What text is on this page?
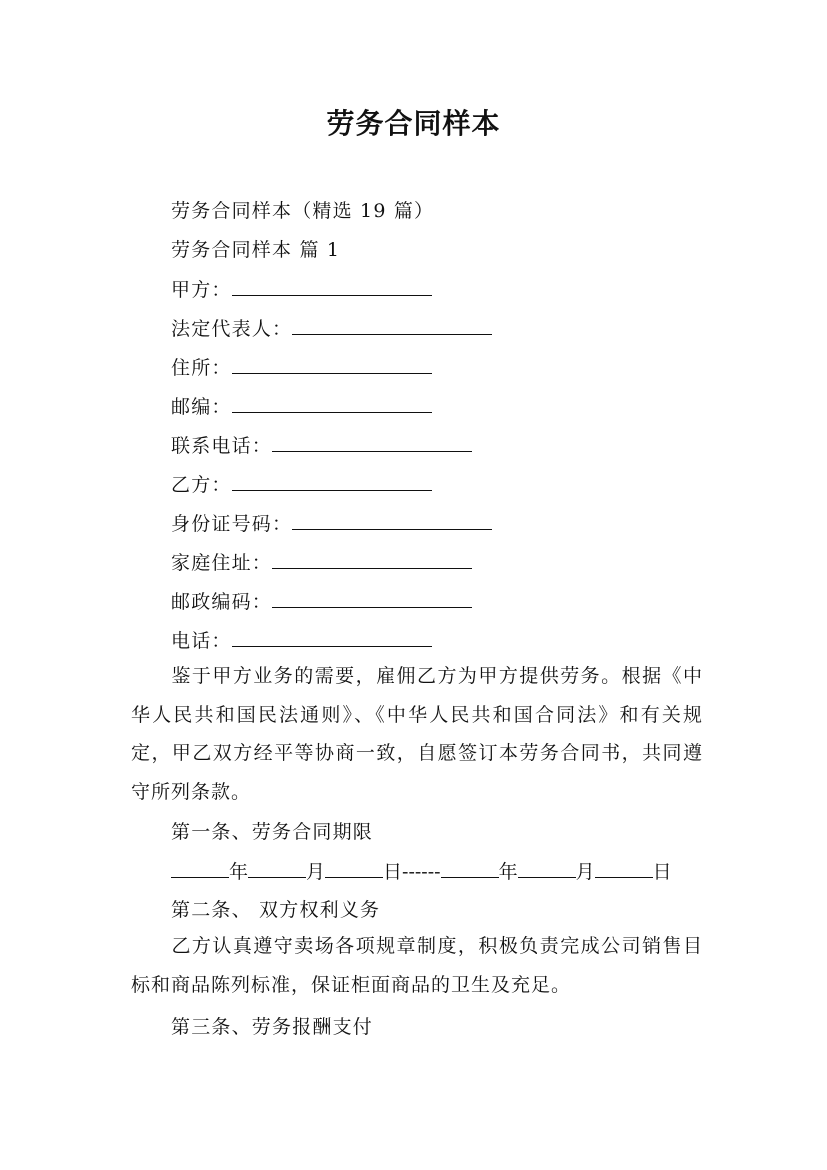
劳务合同样本
劳务合同样本（精选 19 篇）
劳务合同样本 篇 1
甲方：
法定代表人：
住所：
邮编：
联系电话：
乙方：
身份证号码：
家庭住址：
邮政编码：
电话：
鉴于甲方业务的需要，雇佣乙方为甲方提供劳务。根据《中华人民共和国民法通则》、《中华人民共和国合同法》和有关规定，甲乙双方经平等协商一致，自愿签订本劳务合同书，共同遵守所列条款。
第一条、劳务合同期限
年	月	日------	年	月	日
第二条、 双方权利义务
乙方认真遵守卖场各项规章制度，积极负责完成公司销售目标和商品陈列标准，保证柜面商品的卫生及充足。
第三条、劳务报酬支付
